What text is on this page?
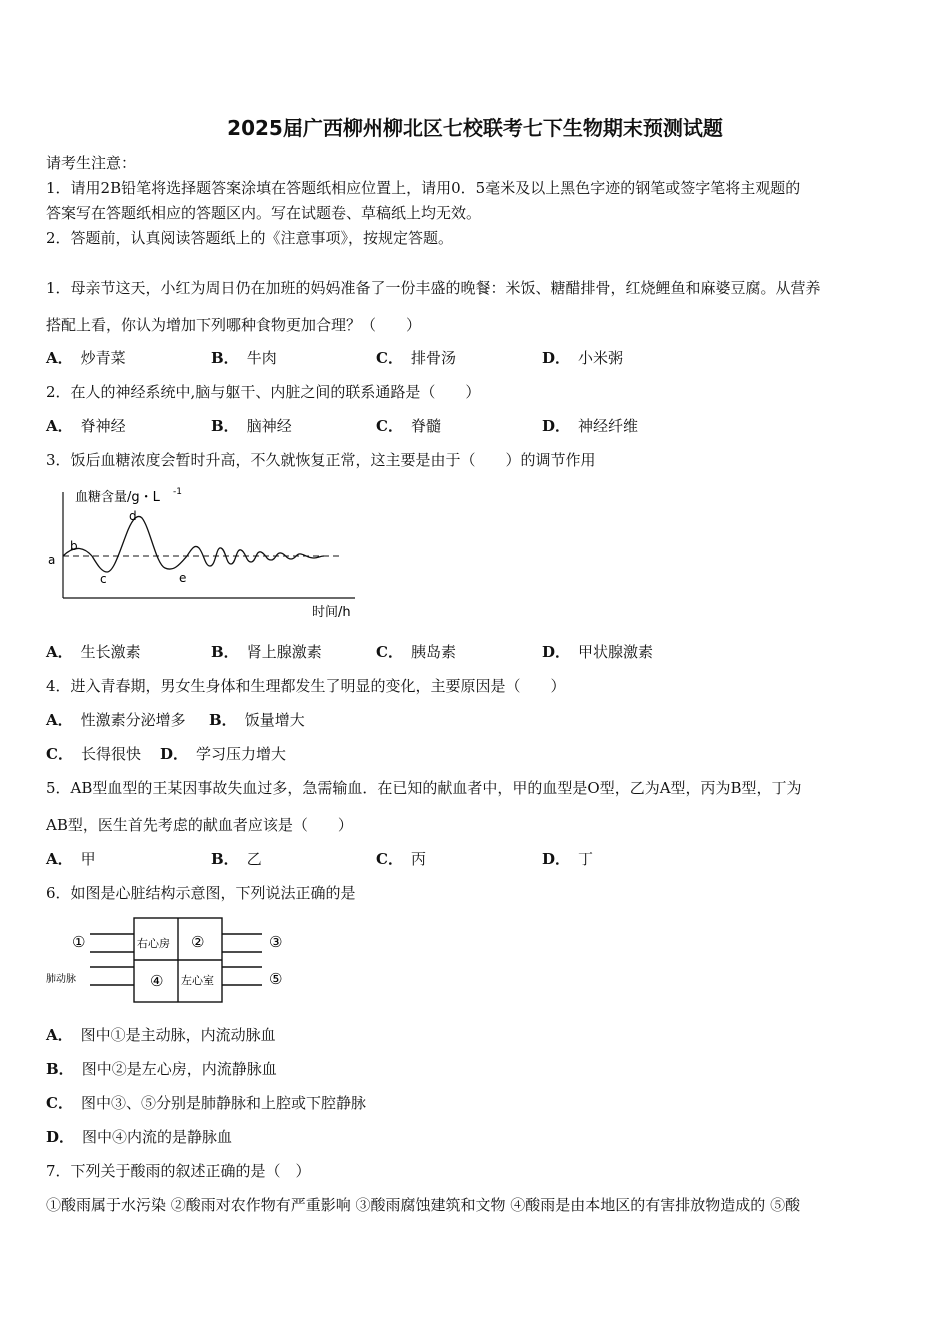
2025届广西柳州柳北区七校联考七下生物期末预测试题
请考生注意：
1．请用2B铅笔将选择题答案涂填在答题纸相应位置上，请用0．5毫米及以上黑色字迹的钢笔或签字笔将主观题的
答案写在答题纸相应的答题区内。写在试题卷、草稿纸上均无效。
2．答题前，认真阅读答题纸上的《注意事项》，按规定答题。
1．母亲节这天，小红为周日仍在加班的妈妈准备了一份丰盛的晚餐：米饭、糖醋排骨，红烧鲤鱼和麻婆豆腐。从营养
搭配上看，你认为增加下列哪种食物更加合理？（　　）
A． 炒青菜	B． 牛肉	C． 排骨汤	D． 小米粥
2．在人的神经系统中,脑与躯干、内脏之间的联系通路是（　　）
A． 脊神经	B． 脑神经	C． 脊髓	D． 神经纤维
3．饭后血糖浓度会暂时升高，不久就恢复正常，这主要是由于（　　）的调节作用
a
b
c
d
e
血糖含量/g・L -1
时间/h
A． 生长激素	B． 肾上腺激素	C． 胰岛素	D． 甲状腺激素
4．进入青春期，男女生身体和生理都发生了明显的变化，主要原因是（　　）
A． 性激素分泌增多 B． 饭量增大
C． 长得很快 D． 学习压力增大
5．AB型血型的王某因事故失血过多，急需输血．在已知的献血者中，甲的血型是O型，乙为A型，丙为B型，丁为
AB型，医生首先考虑的献血者应该是（　　）
A． 甲	B． 乙	C． 丙	D． 丁
6．如图是心脏结构示意图，下列说法正确的是
①	右心房 ②	③
肺动脉	④ 左心室	⑤
A． 图中①是主动脉，内流动脉血
B． 图中②是左心房，内流静脉血
C． 图中③、⑤分别是肺静脉和上腔或下腔静脉
D． 图中④内流的是静脉血
7．下列关于酸雨的叙述正确的是（　）
①酸雨属于水污染 ②酸雨对农作物有严重影响 ③酸雨腐蚀建筑和文物 ④酸雨是由本地区的有害排放物造成的 ⑤酸
